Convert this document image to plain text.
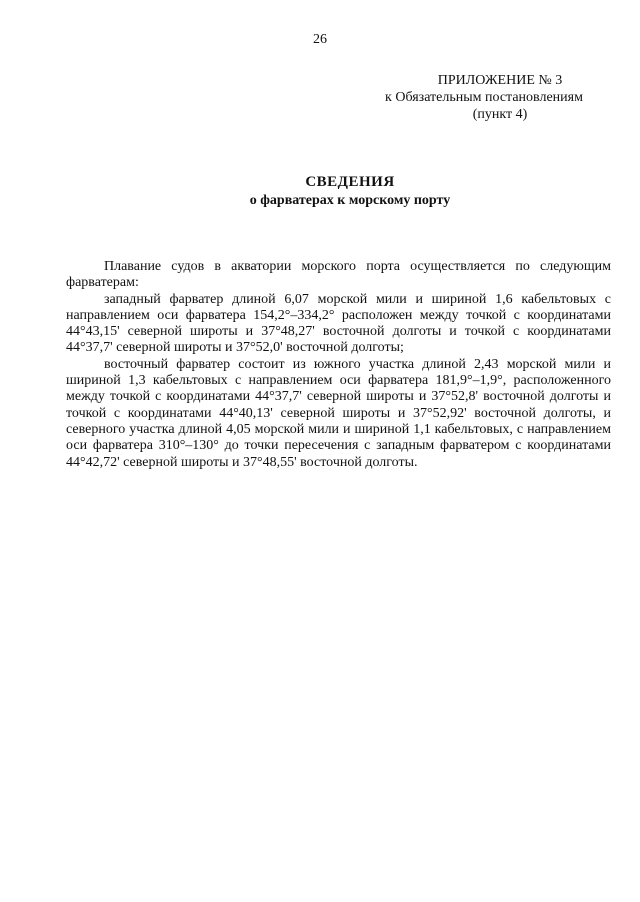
26
ПРИЛОЖЕНИЕ № 3
к Обязательным постановлениям
(пункт 4)
СВЕДЕНИЯ
о фарватерах к морскому порту

Плавание судов в акватории морского порта осуществляется по следующим фарватерам:

западный фарватер длиной 6,07 морской мили и шириной 1,6 кабельтовых с направлением оси фарватера 154,2°–334,2° расположен между точкой с координатами 44°43,15' северной широты и 37°48,27' восточной долготы и точкой с координатами 44°37,7' северной широты и 37°52,0' восточной долготы;

восточный фарватер состоит из южного участка длиной 2,43 морской мили и шириной 1,3 кабельтовых с направлением оси фарватера 181,9°–1,9°, расположенного между точкой с координатами 44°37,7' северной широты и 37°52,8' восточной долготы и точкой с координатами 44°40,13' северной широты и 37°52,92' восточной долготы, и северного участка длиной 4,05 морской мили и шириной 1,1 кабельтовых, с направлением оси фарватера 310°–130° до точки пересечения с западным фарватером с координатами 44°42,72' северной широты и 37°48,55' восточной долготы.
